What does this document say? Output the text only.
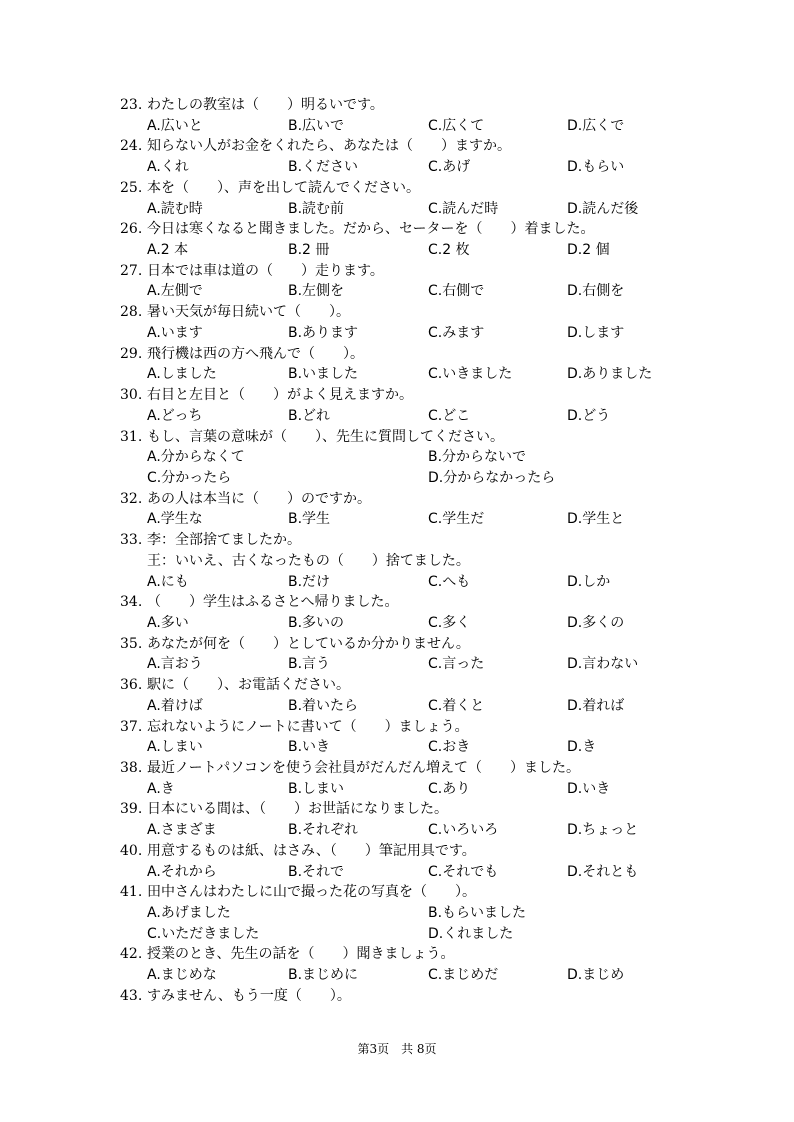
23. わたしの教室は（　　）明るいです。
A.広いと	B.広いで	C.広くて	D.広くで
24. 知らない人がお金をくれたら、あなたは（　　）ますか。
A.くれ	B.ください	C.あげ	D.もらい
25. 本を（　　）、声を出して読んでください。
A.読む時	B.読む前	C.読んだ時	D.読んだ後
26. 今日は寒くなると聞きました。だから、セーターを（　　）着ました。
A.2 本	B.2 冊	C.2 枚	D.2 個
27. 日本では車は道の（　　）走ります。
A.左側で	B.左側を	C.右側で	D.右側を
28. 暑い天気が毎日続いて（　　）。
A.います	B.あります	C.みます	D.します
29. 飛行機は西の方へ飛んで（　　）。
A.しました	B.いました	C.いきました	D.ありました
30. 右目と左目と（　　）がよく見えますか。
A.どっち	B.どれ	C.どこ	D.どう
31. もし、言葉の意味が（　　）、先生に質問してください。
A.分からなくて	B.分からないで
C.分かったら	D.分からなかったら
32. あの人は本当に（　　）のですか。
A.学生な	B.学生	C.学生だ	D.学生と
33. 李：全部捨てましたか。
王：いいえ、古くなったもの（　　）捨てました。
A.にも	B.だけ	C.へも	D.しか
34. （　　）学生はふるさとへ帰りました。
A.多い	B.多いの	C.多く	D.多くの
35. あなたが何を（　　）としているか分かりません。
A.言おう	B.言う	C.言った	D.言わない
36. 駅に（　　）、お電話ください。
A.着けば	B.着いたら	C.着くと	D.着れば
37. 忘れないようにノートに書いて（　　）ましょう。
A.しまい	B.いき	C.おき	D.き
38. 最近ノートパソコンを使う会社員がだんだん増えて（　　）ました。
A.き	B.しまい	C.あり	D.いき
39. 日本にいる間は、（　　）お世話になりました。
A.さまざま	B.それぞれ	C.いろいろ	D.ちょっと
40. 用意するものは紙、はさみ、（　　）筆記用具です。
A.それから	B.それで	C.それでも	D.それとも
41. 田中さんはわたしに山で撮った花の写真を（　　）。
A.あげました	B.もらいました
C.いただきました	D.くれました
42. 授業のとき、先生の話を（　　）聞きましょう。
A.まじめな	B.まじめに	C.まじめだ	D.まじめ
43. すみません、もう一度（　　）。
第3页　共 8页
